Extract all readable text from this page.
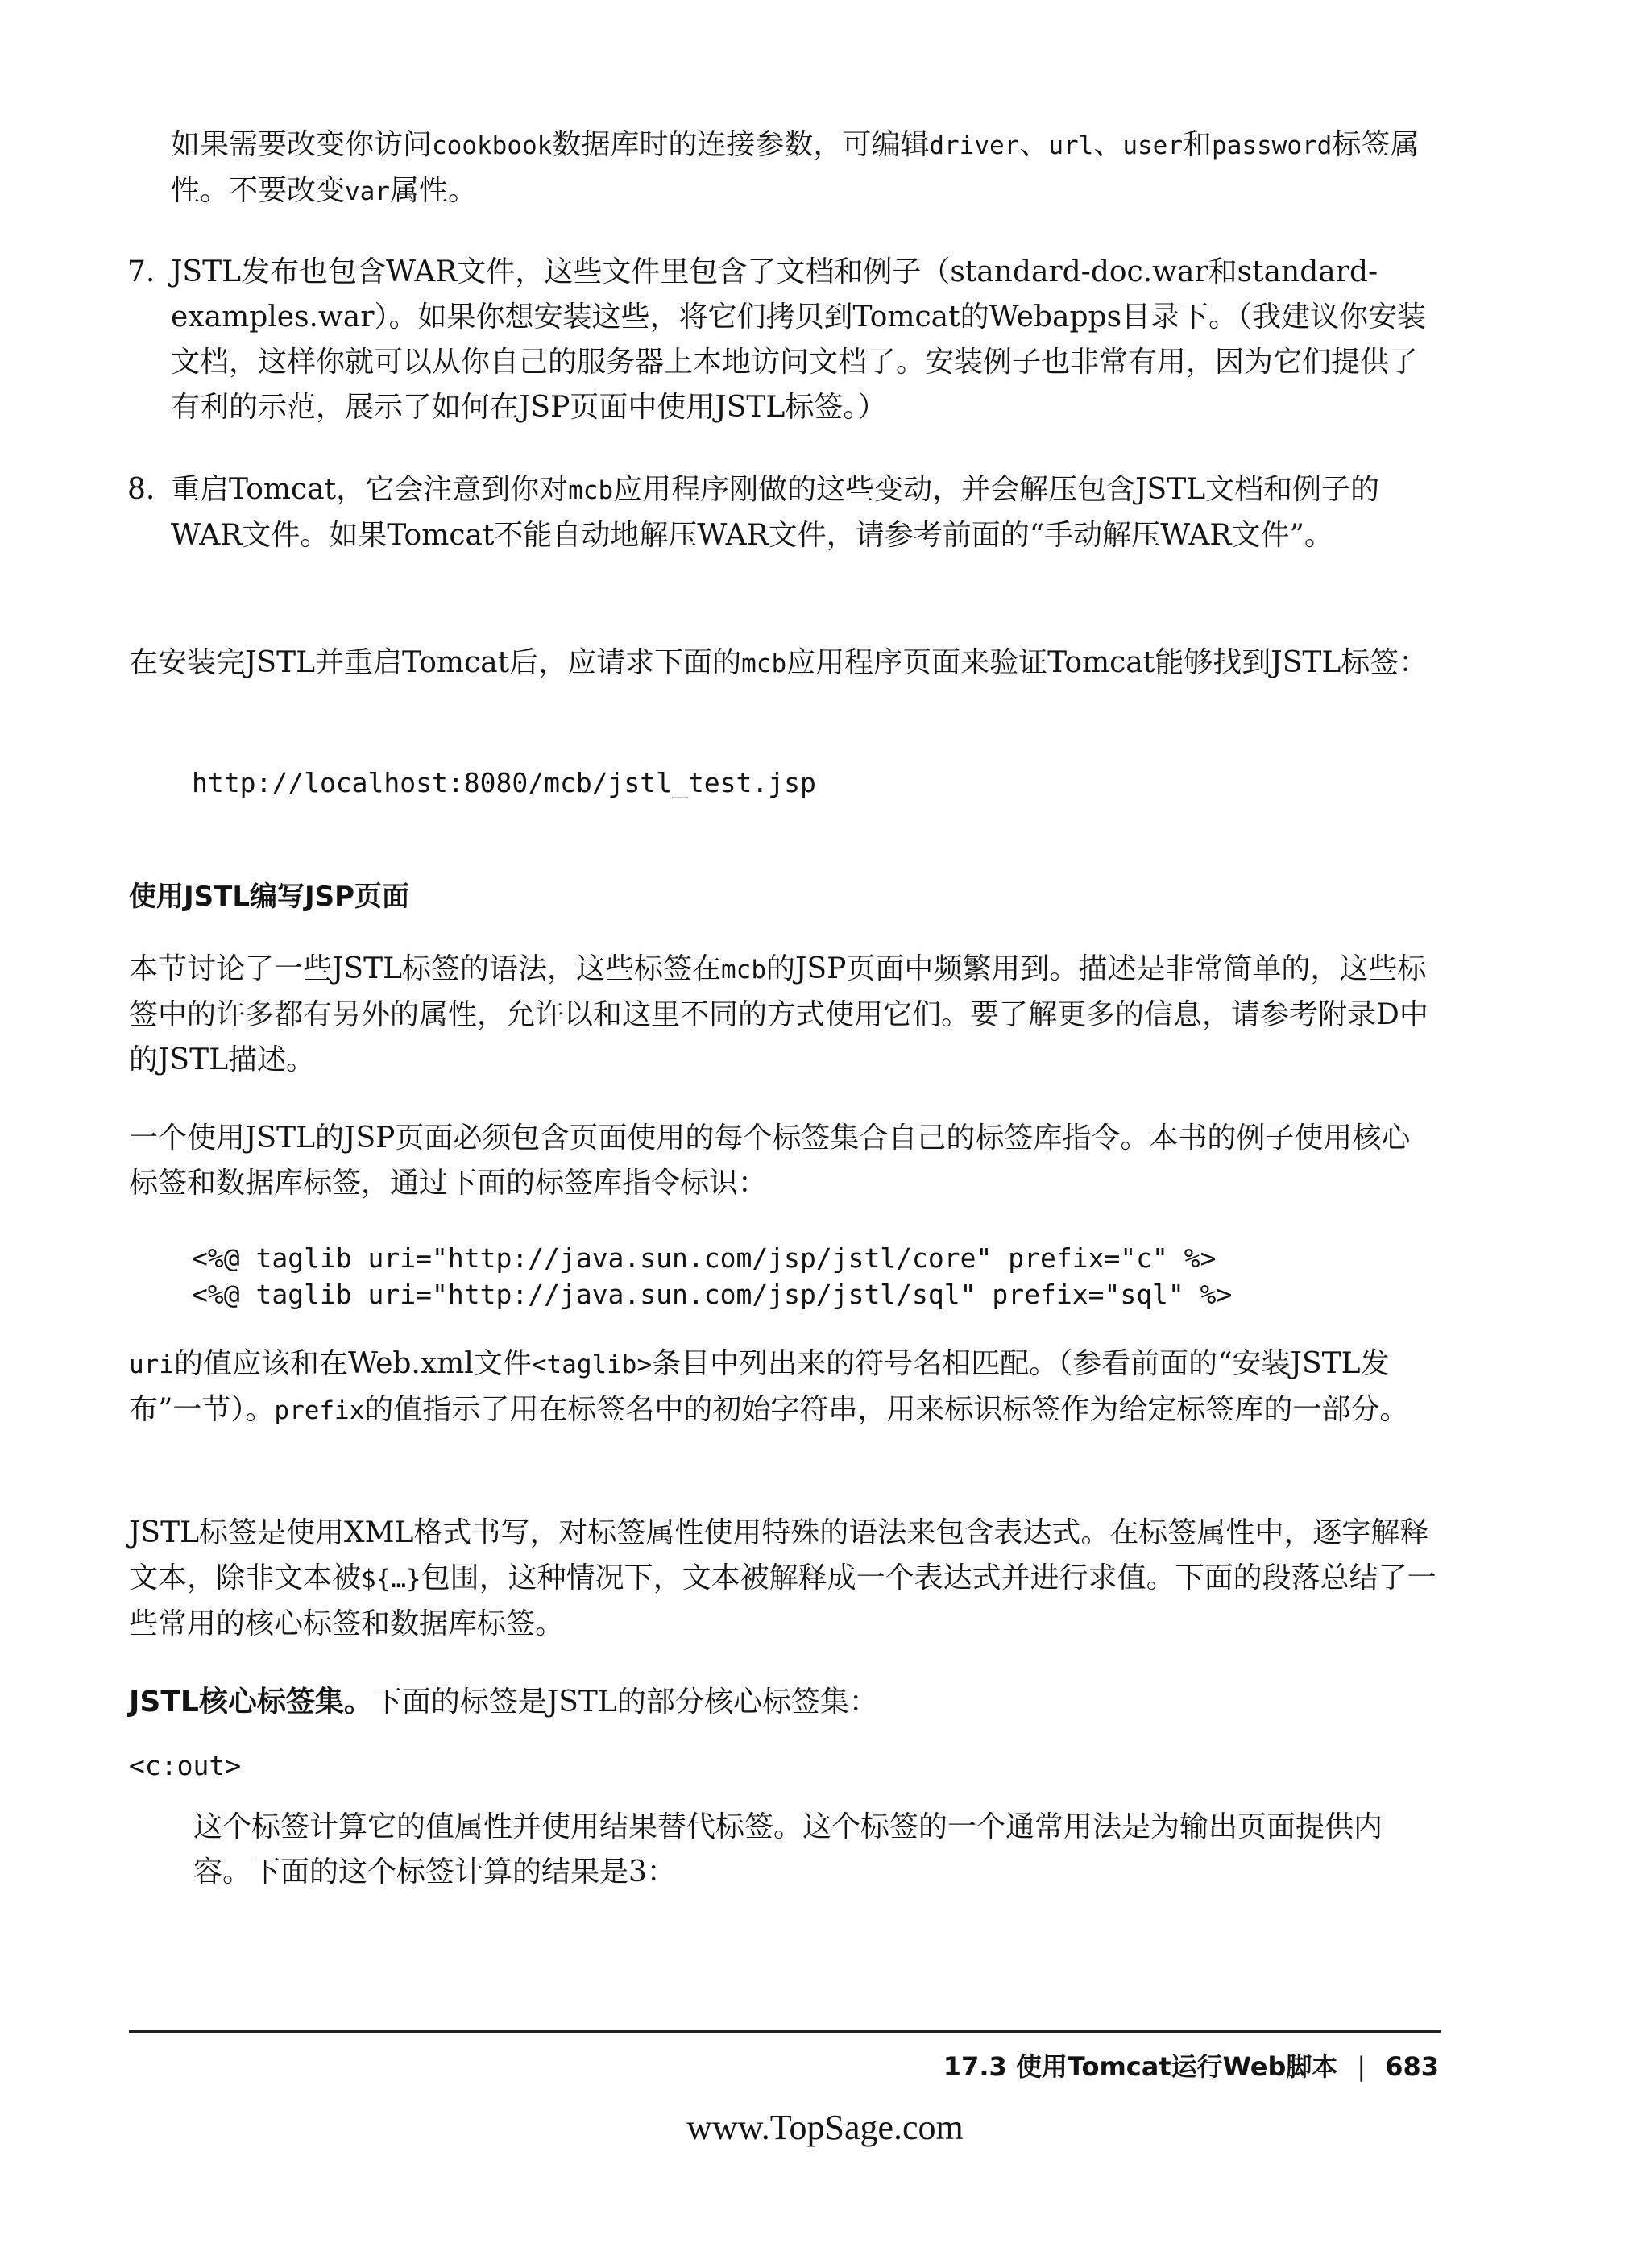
如果需要改变你访问cookbook数据库时的连接参数，可编辑driver、url、user和password标签属性。不要改变var属性。
7. JSTL发布也包含WAR文件，这些文件里包含了文档和例子（standard-doc.war和standard-examples.war）。如果你想安装这些，将它们拷贝到Tomcat的Webapps目录下。（我建议你安装文档，这样你就可以从你自己的服务器上本地访问文档了。安装例子也非常有用，因为它们提供了有利的示范，展示了如何在JSP页面中使用JSTL标签。）
8. 重启Tomcat，它会注意到你对mcb应用程序刚做的这些变动，并会解压包含JSTL文档和例子的WAR文件。如果Tomcat不能自动地解压WAR文件，请参考前面的“手动解压WAR文件”。
在安装完JSTL并重启Tomcat后，应请求下面的mcb应用程序页面来验证Tomcat能够找到JSTL标签：
http://localhost:8080/mcb/jstl_test.jsp
使用JSTL编写JSP页面
本节讨论了一些JSTL标签的语法，这些标签在mcb的JSP页面中频繁用到。描述是非常简单的，这些标签中的许多都有另外的属性，允许以和这里不同的方式使用它们。要了解更多的信息，请参考附录D中的JSTL描述。
一个使用JSTL的JSP页面必须包含页面使用的每个标签集合自己的标签库指令。本书的例子使用核心标签和数据库标签，通过下面的标签库指令标识：
<%@ taglib uri="http://java.sun.com/jsp/jstl/core" prefix="c" %>
<%@ taglib uri="http://java.sun.com/jsp/jstl/sql" prefix="sql" %>
uri的值应该和在Web.xml文件<taglib>条目中列出来的符号名相匹配。（参看前面的“安装JSTL发布”一节）。prefix的值指示了用在标签名中的初始字符串，用来标识标签作为给定标签库的一部分。
JSTL标签是使用XML格式书写，对标签属性使用特殊的语法来包含表达式。在标签属性中，逐字解释文本，除非文本被${…}包围，这种情况下，文本被解释成一个表达式并进行求值。下面的段落总结了一些常用的核心标签和数据库标签。
JSTL核心标签集。下面的标签是JSTL的部分核心标签集：
<c:out>
这个标签计算它的值属性并使用结果替代标签。这个标签的一个通常用法是为输出页面提供内容。下面的这个标签计算的结果是3：
17.3 使用Tomcat运行Web脚本 | 683
www.TopSage.com
